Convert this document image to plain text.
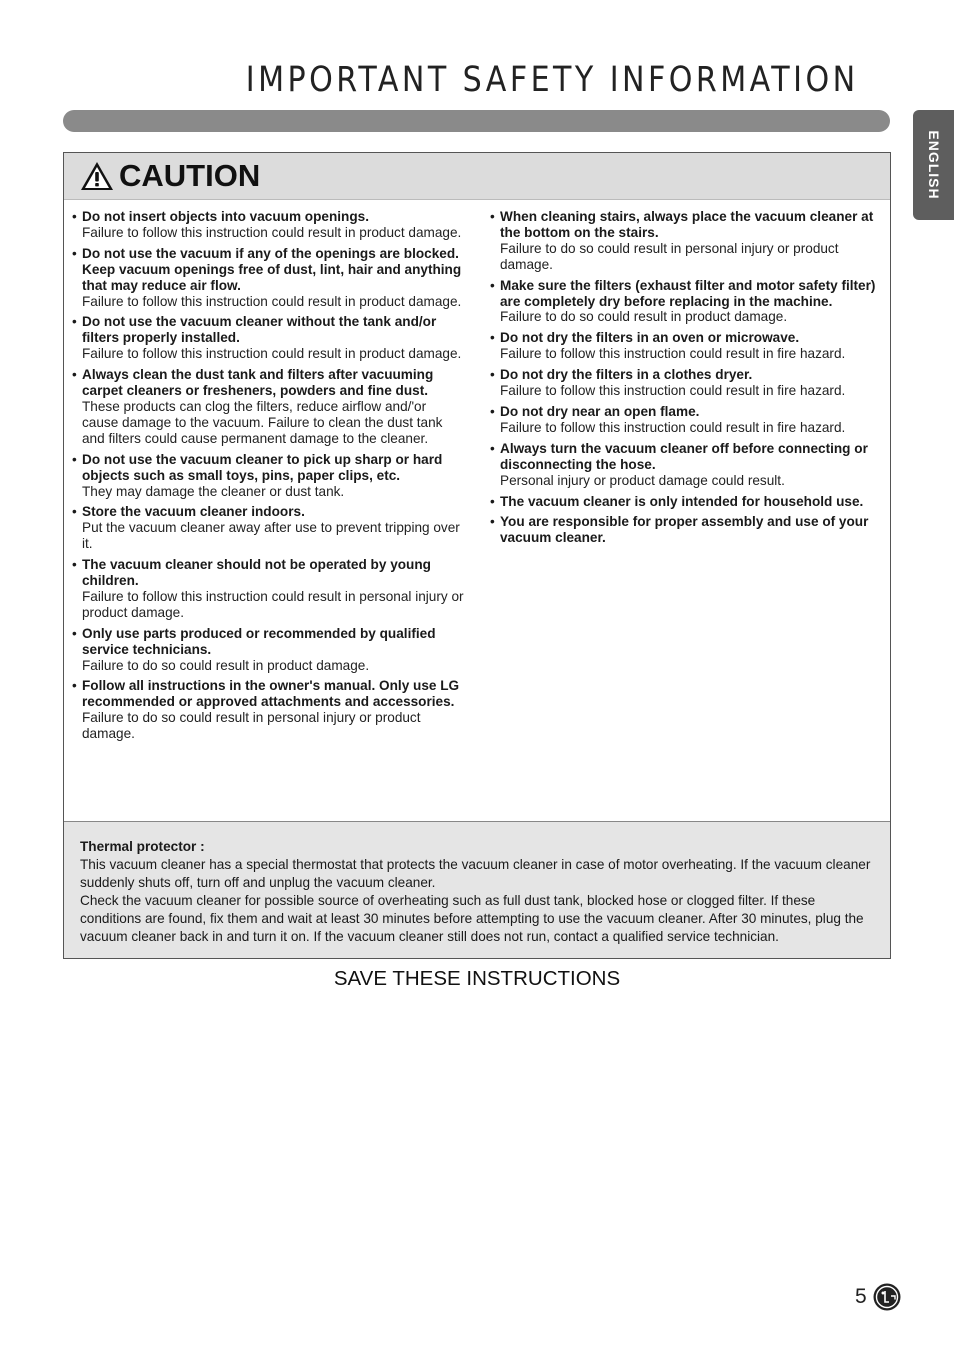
IMPORTANT SAFETY INFORMATION
ENGLISH
CAUTION
• Do not insert objects into vacuum openings.
Failure to follow this instruction could result in product damage.
• Do not use the vacuum if any of the openings are blocked. Keep vacuum openings free of dust, lint, hair and anything that may reduce air flow.
Failure to follow this instruction could result in product damage.
• Do not use the vacuum cleaner without the tank and/or filters properly installed.
Failure to follow this instruction could result in product damage.
• Always clean the dust tank and filters after vacuuming carpet cleaners or fresheners, powders and fine dust.
These products can clog the filters, reduce airflow and/'or cause damage to the vacuum. Failure to clean the dust tank and filters could cause permanent damage to the cleaner.
• Do not use the vacuum cleaner to pick up sharp or hard objects such as small toys, pins, paper clips, etc.
They may damage the cleaner or dust tank.
• Store the vacuum cleaner indoors.
Put the vacuum cleaner away after use to prevent tripping over it.
• The vacuum cleaner should not be operated by young children.
Failure to follow this instruction could result in personal injury or product damage.
• Only use parts produced or recommended by qualified service technicians.
Failure to do so could result in product damage.
• Follow all instructions in the owner's manual. Only use LG recommended or approved attachments and accessories.
Failure to do so could result in personal injury or product damage.
• When cleaning stairs, always place the vacuum cleaner at the bottom on the stairs.
Failure to do so could result in personal injury or product damage.
• Make sure the filters (exhaust filter and motor safety filter) are completely dry before replacing in the machine.
Failure to do so could result in product damage.
• Do not dry the filters in an oven or microwave.
Failure to follow this instruction could result in fire hazard.
• Do not dry the filters in a clothes dryer.
Failure to follow this instruction could result in fire hazard.
• Do not dry near an open flame.
Failure to follow this instruction could result in fire hazard.
• Always turn the vacuum cleaner off before connecting or disconnecting the hose.
Personal injury or product damage could result.
• The vacuum cleaner is only intended for household use.
• You are responsible for proper assembly and use of your vacuum cleaner.
Thermal protector :

This vacuum cleaner has a special thermostat that protects the vacuum cleaner in case of motor overheating. If the vacuum cleaner suddenly shuts off, turn off and unplug the vacuum cleaner.

Check the vacuum cleaner for possible source of overheating such as full dust tank, blocked hose or clogged filter. If these conditions are found, fix them and wait at least 30 minutes before attempting to use the vacuum cleaner. After 30 minutes, plug the vacuum cleaner back in and turn it on. If the vacuum cleaner still does not run, contact a qualified service technician.

SAVE THESE INSTRUCTIONS
5
